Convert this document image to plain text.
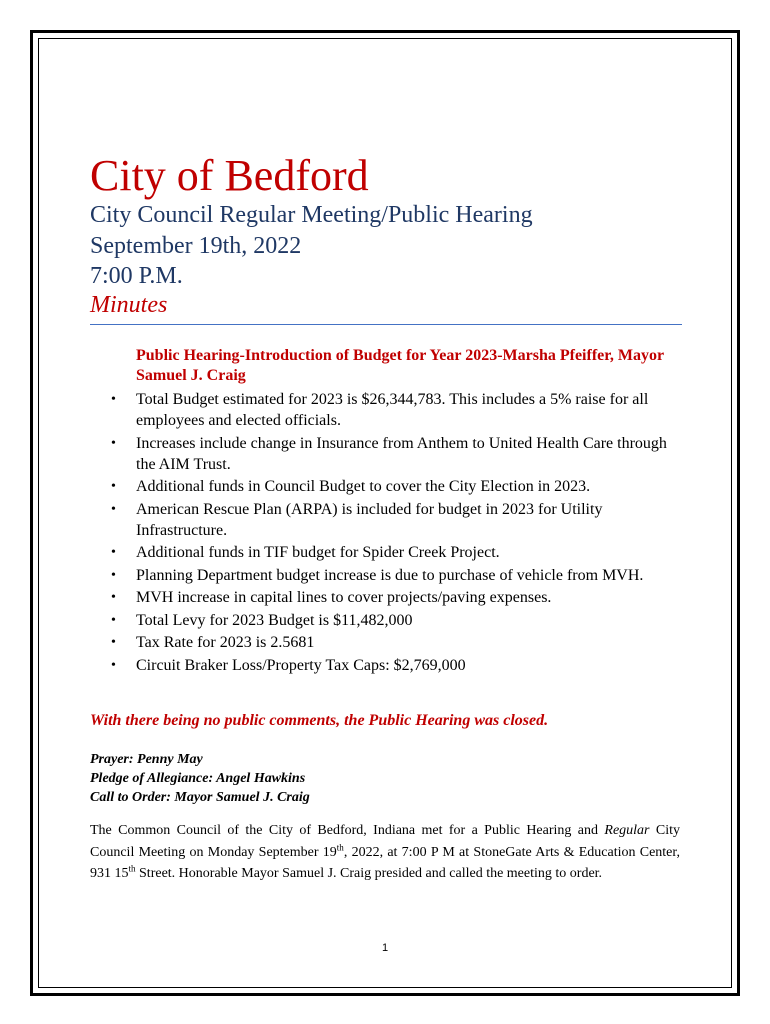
City of Bedford
City Council Regular Meeting/Public Hearing
September 19th, 2022
7:00 P.M.
Minutes
Public Hearing-Introduction of Budget for Year 2023-Marsha Pfeiffer, Mayor Samuel J. Craig
• Total Budget estimated for 2023 is $26,344,783. This includes a 5% raise for all employees and elected officials.
• Increases include change in Insurance from Anthem to United Health Care through the AIM Trust.
• Additional funds in Council Budget to cover the City Election in 2023.
• American Rescue Plan (ARPA) is included for budget in 2023 for Utility Infrastructure.
• Additional funds in TIF budget for Spider Creek Project.
• Planning Department budget increase is due to purchase of vehicle from MVH.
• MVH increase in capital lines to cover projects/paving expenses.
• Total Levy for 2023 Budget is $11,482,000
• Tax Rate for 2023 is 2.5681
• Circuit Braker Loss/Property Tax Caps: $2,769,000
With there being no public comments, the Public Hearing was closed.
Prayer: Penny May
Pledge of Allegiance: Angel Hawkins
Call to Order: Mayor Samuel J. Craig
The Common Council of the City of Bedford, Indiana met for a Public Hearing and Regular City Council Meeting on Monday September 19th, 2022, at 7:00 P M at StoneGate Arts & Education Center, 931 15th Street. Honorable Mayor Samuel J. Craig presided and called the meeting to order.
1
